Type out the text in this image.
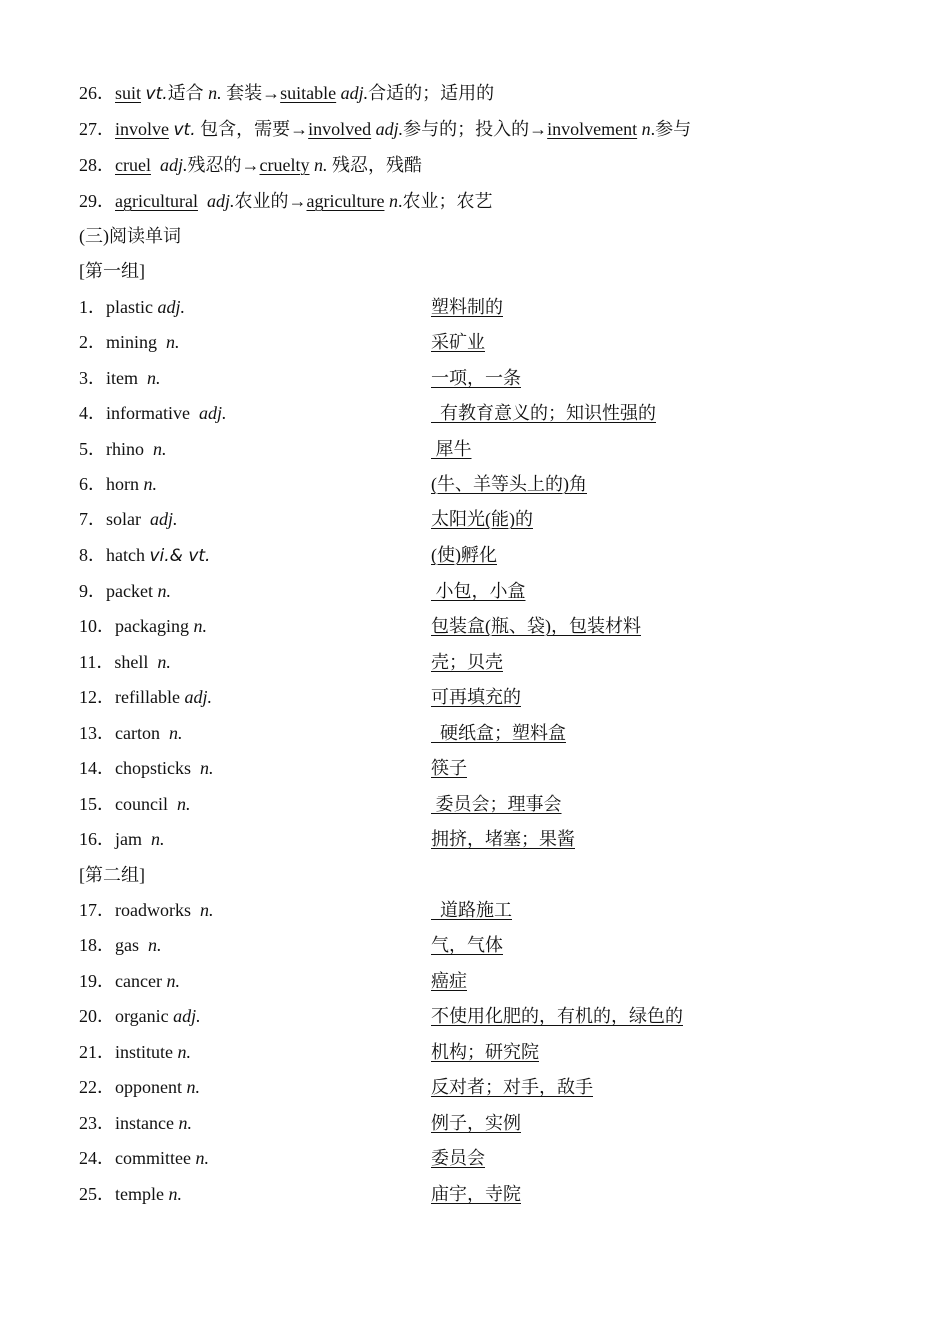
26．suit vt.适合 n. 套装→suitable adj.合适的；适用的
27．involve vt. 包含，需要→involved adj.参与的；投入的→involvement n.参与
28．cruel adj.残忍的→cruelty n. 残忍，残酷
29．agricultural adj.农业的→agriculture n.农业；农艺
(三)阅读单词
[第一组]
1．plastic adj.	塑料制的
2．mining n.	采矿业
3．item n.	一项，一条
4．informative adj.	有教育意义的；知识性强的
5．rhino n.	犀牛
6．horn n.	(牛、羊等头上的)角
7．solar adj.	太阳光(能)的
8．hatch vi.& vt.	(使)孵化
9．packet n.	小包，小盒
10．packaging n.	包装盒(瓶、袋)，包装材料
11．shell n.	壳；贝壳
12．refillable adj.	可再填充的
13．carton n.	硬纸盒；塑料盒
14．chopsticks n.	筷子
15．council n.	委员会；理事会
16．jam n.	拥挤，堵塞；果酱
[第二组]
17．roadworks n.	道路施工
18．gas n.	气，气体
19．cancer n.	癌症
20．organic adj.	不使用化肥的，有机的，绿色的
21．institute n.	机构；研究院
22．opponent n.	反对者；对手，敌手
23．instance n.	例子，实例
24．committee n.	委员会
25．temple n.	庙宇，寺院
